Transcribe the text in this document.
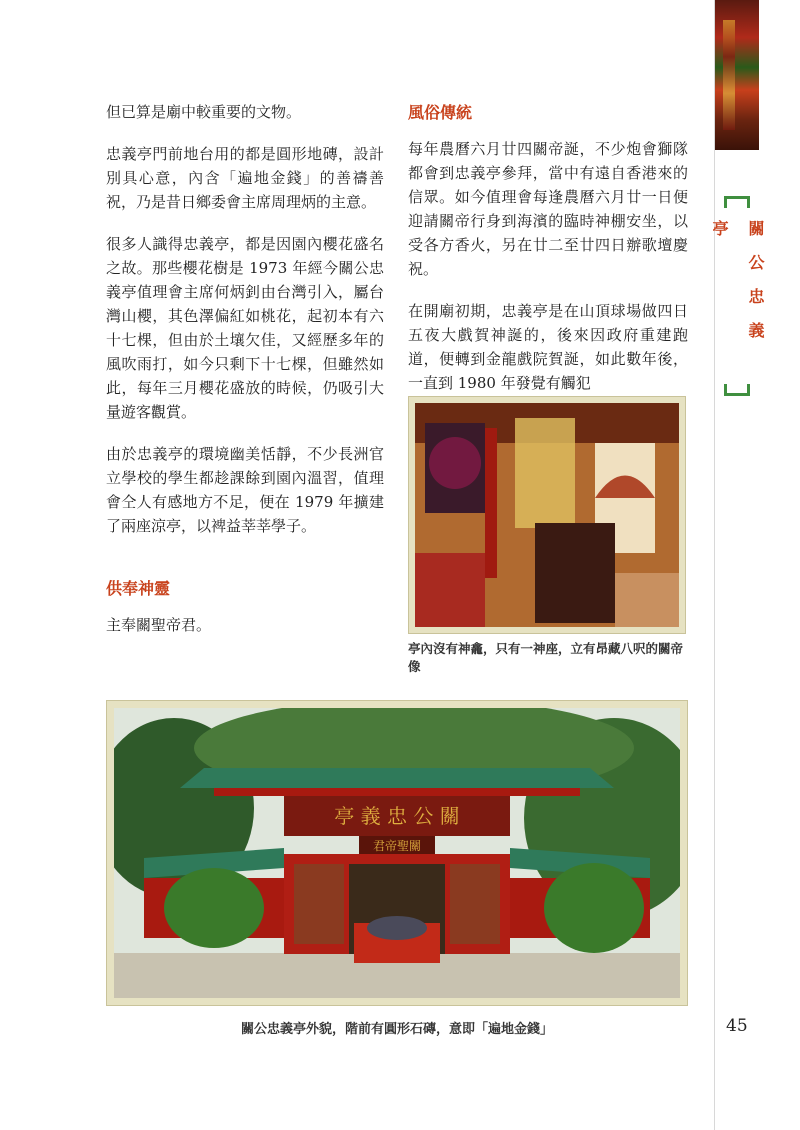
關公忠義亭

但已算是廟中較重要的文物。

忠義亭門前地台用的都是圓形地磚，設計別具心意，內含「遍地金錢」的善禱善祝，乃是昔日鄉委會主席周理炳的主意。

很多人識得忠義亭，都是因園內櫻花盛名之故。那些櫻花樹是 1973 年經今關公忠義亭值理會主席何炳釗由台灣引入，屬台灣山櫻，其色澤偏紅如桃花，起初本有六十七棵，但由於土壤欠佳，又經歷多年的風吹雨打，如今只剩下十七棵，但雖然如此，每年三月櫻花盛放的時候，仍吸引大量遊客觀賞。

由於忠義亭的環境幽美恬靜，不少長洲官立學校的學生都趁課餘到園內溫習，值理會仝人有感地方不足，便在 1979 年擴建了兩座涼亭，以裨益莘莘學子。

供奉神靈

主奉關聖帝君。

風俗傳統

每年農曆六月廿四關帝誕，不少炮會獅隊都會到忠義亭參拜，當中有遠自香港來的信眾。如今值理會每逢農曆六月廿一日便迎請關帝行身到海濱的臨時神棚安坐，以受各方香火，另在廿二至廿四日辦歌壇慶祝。

在開廟初期，忠義亭是在山頂球場做四日五夜大戲賀神誕的，後來因政府重建跑道，便轉到金龍戲院賀誕，如此數年後，一直到 1980 年發覺有觸犯

亭內沒有神龕，只有一神座，立有昂藏八呎的關帝像
亭 義 忠 公 關
君帝聖關
關公忠義亭外貌，階前有圓形石磚，意即「遍地金錢」	45
